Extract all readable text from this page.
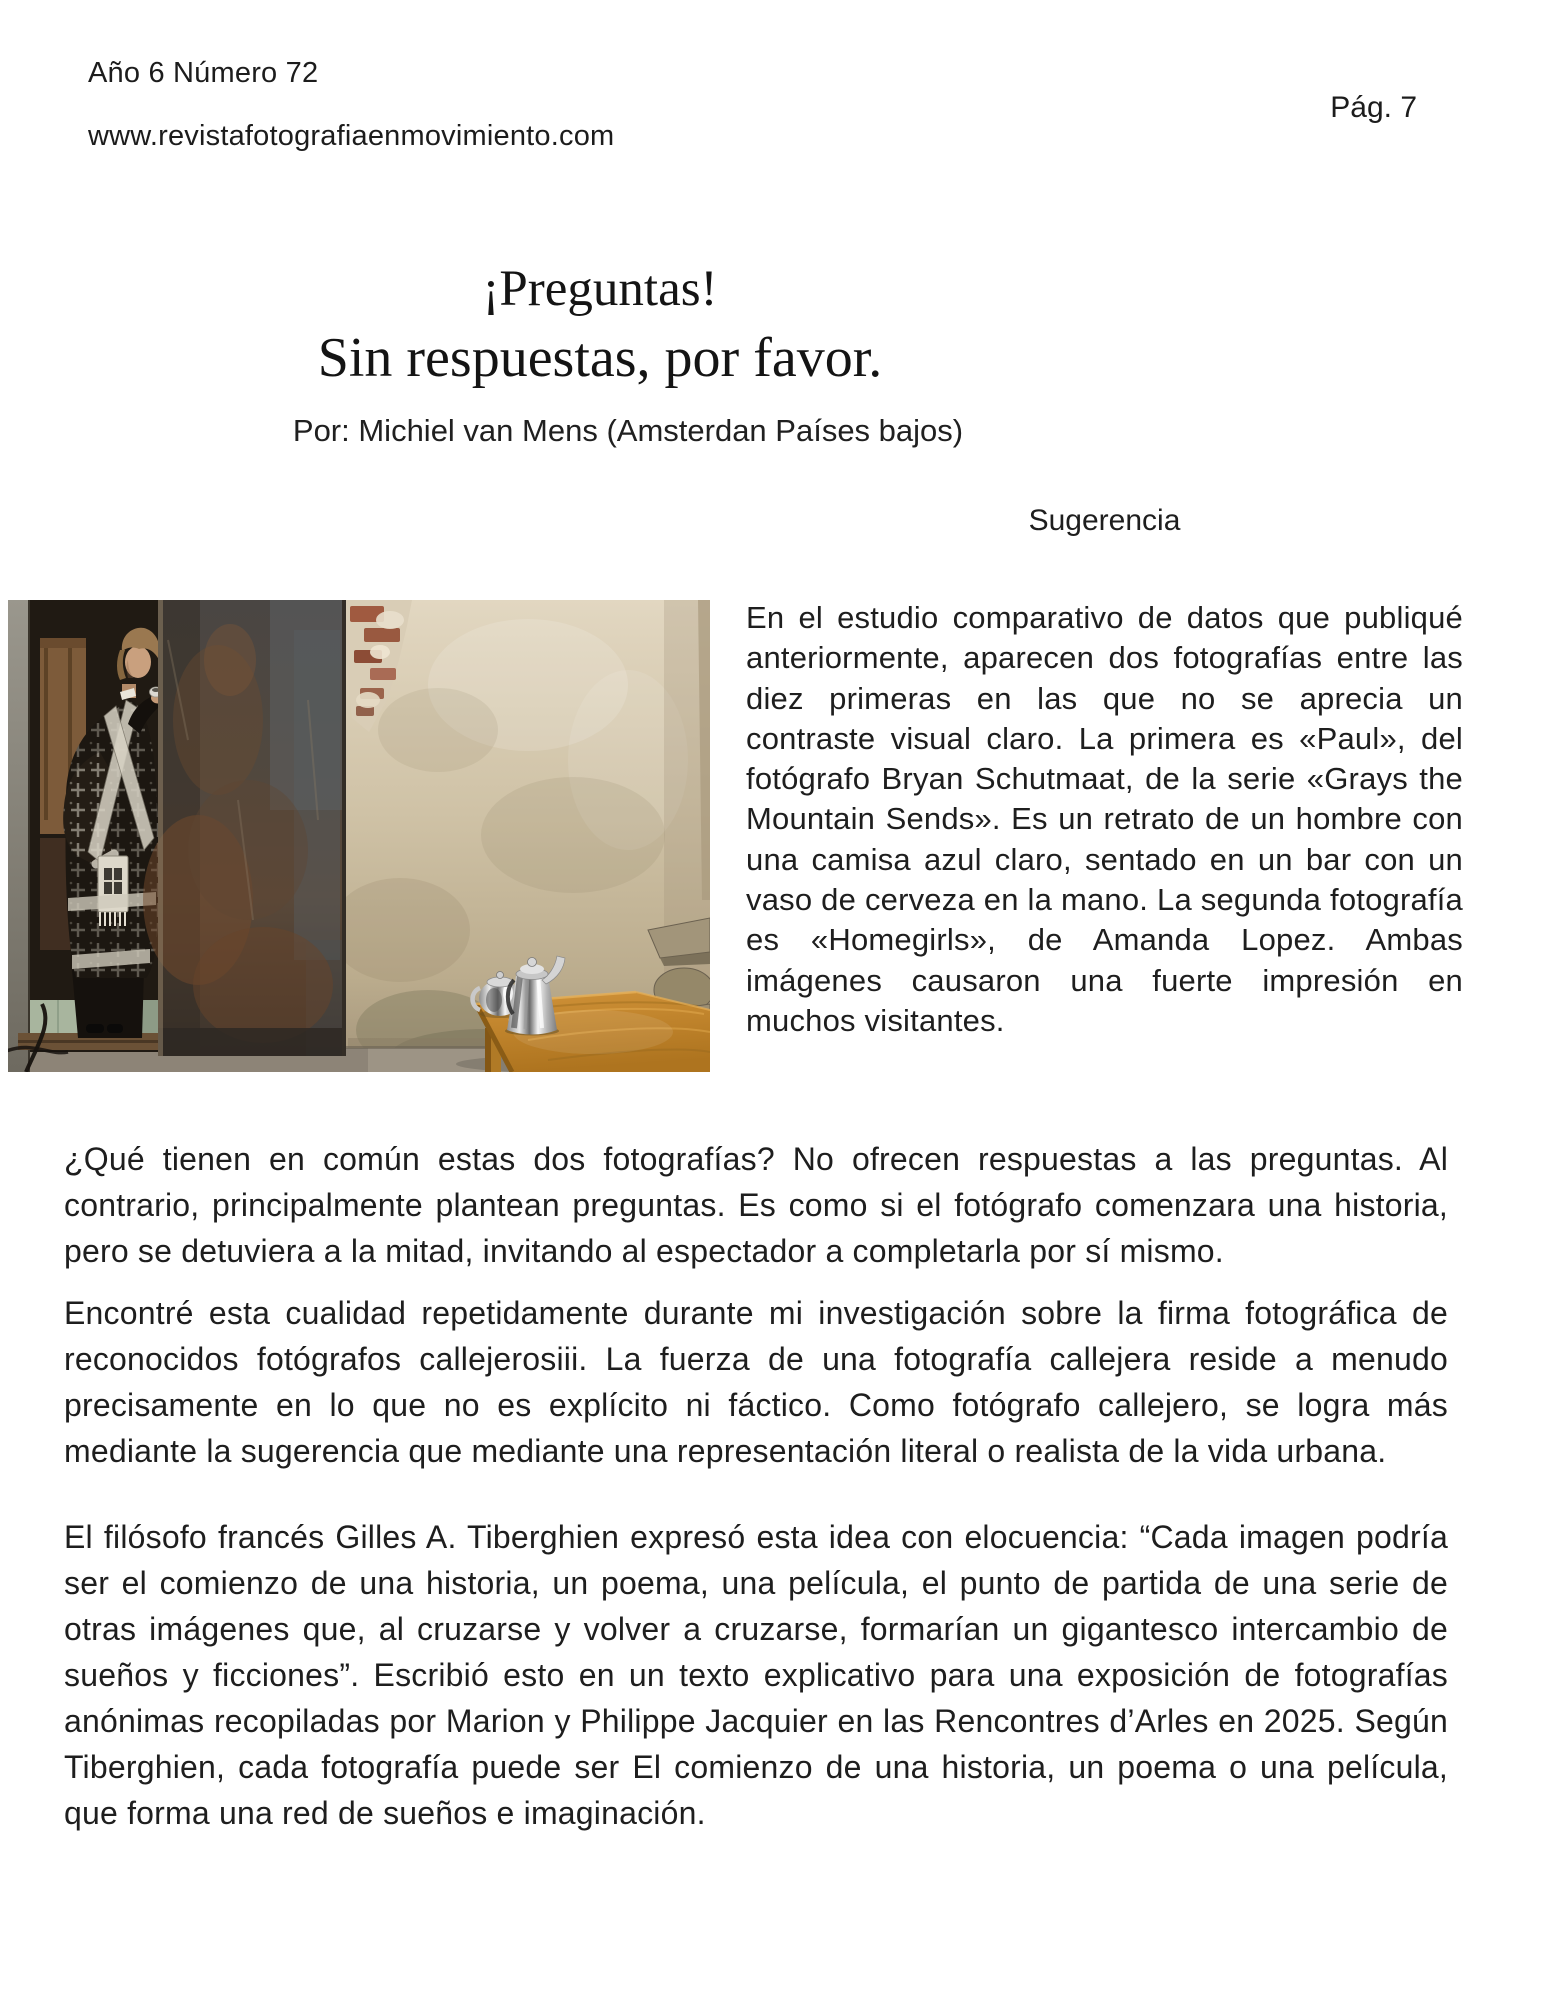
Año 6 Número 72
www.revistafotografiaenmovimiento.com
Pág. 7
¡Preguntas!
Sin respuestas, por favor.
Por: Michiel van Mens (Amsterdan Países bajos)
Sugerencia
En el estudio comparativo de datos que publiqué anteriormente, aparecen dos fotografías entre las diez primeras en las que no se aprecia un contraste visual claro. La primera es «Paul», del fotógrafo Bryan Schutmaat, de la serie «Grays the Mountain Sends». Es un retrato de un hombre con una camisa azul claro, sentado en un bar con un vaso de cerveza en la mano. La segunda fotografía es «Homegirls», de Amanda Lopez. Ambas imágenes causaron una fuerte impresión en muchos visitantes.

¿Qué tienen en común estas dos fotografías? No ofrecen respuestas a las preguntas. Al contrario, principalmente plantean preguntas. Es como si el fotógrafo comenzara una historia, pero se detuviera a la mitad, invitando al espectador a completarla por sí mismo.

Encontré esta cualidad repetidamente durante mi investigación sobre la firma fotográfica de reconocidos fotógrafos callejerosiii. La fuerza de una fotografía callejera reside a menudo precisamente en lo que no es explícito ni fáctico. Como fotógrafo callejero, se logra más mediante la sugerencia que mediante una representación literal o realista de la vida urbana.

El filósofo francés Gilles A. Tiberghien expresó esta idea con elocuencia: “Cada imagen podría ser el comienzo de una historia, un poema, una película, el punto de partida de una serie de otras imágenes que, al cruzarse y volver a cruzarse, formarían un gigantesco intercambio de sueños y ficciones”. Escribió esto en un texto explicativo para una exposición de fotografías anónimas recopiladas por Marion y Philippe Jacquier en las Rencontres d’Arles en 2025. Según Tiberghien, cada fotografía puede ser El comienzo de una historia, un poema o una película, que forma una red de sueños e imaginación.
